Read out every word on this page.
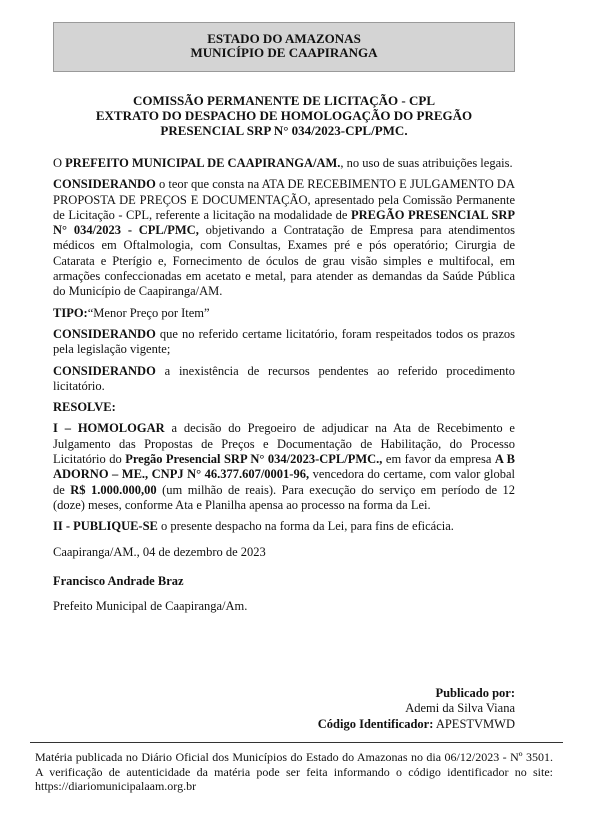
ESTADO DO AMAZONAS
MUNICÍPIO DE CAAPIRANGA
COMISSÃO PERMANENTE DE LICITAÇÃO - CPL
EXTRATO DO DESPACHO DE HOMOLOGAÇÃO DO PREGÃO
PRESENCIAL SRP N° 034/2023-CPL/PMC.

O PREFEITO MUNICIPAL DE CAAPIRANGA/AM., no uso de suas atribuições legais.

CONSIDERANDO o teor que consta na ATA DE RECEBIMENTO E JULGAMENTO DA PROPOSTA DE PREÇOS E DOCUMENTAÇÃO, apresentado pela Comissão Permanente de Licitação - CPL, referente a licitação na modalidade de PREGÃO PRESENCIAL SRP N° 034/2023 - CPL/PMC, objetivando a Contratação de Empresa para atendimentos médicos em Oftalmologia, com Consultas, Exames pré e pós operatório; Cirurgia de Catarata e Pterígio e, Fornecimento de óculos de grau visão simples e multifocal, em armações confeccionadas em acetato e metal, para atender as demandas da Saúde Pública do Município de Caapiranga/AM.

TIPO:“Menor Preço por Item”

CONSIDERANDO que no referido certame licitatório, foram respeitados todos os prazos pela legislação vigente;

CONSIDERANDO a inexistência de recursos pendentes ao referido procedimento licitatório.

RESOLVE:

I – HOMOLOGAR a decisão do Pregoeiro de adjudicar na Ata de Recebimento e Julgamento das Propostas de Preços e Documentação de Habilitação, do Processo Licitatório do Pregão Presencial SRP N° 034/2023-CPL/PMC., em favor da empresa A B ADORNO – ME., CNPJ N° 46.377.607/0001-96, vencedora do certame, com valor global de R$ 1.000.000,00 (um milhão de reais). Para execução do serviço em período de 12 (doze) meses, conforme Ata e Planilha apensa ao processo na forma da Lei.

II - PUBLIQUE-SE o presente despacho na forma da Lei, para fins de eficácia.

Caapiranga/AM., 04 de dezembro de 2023

Francisco Andrade Braz

Prefeito Municipal de Caapiranga/Am.

Publicado por:
Ademi da Silva Viana
Código Identificador: APESTVMWD
Matéria publicada no Diário Oficial dos Municípios do Estado do Amazonas no dia 06/12/2023 - Nº 3501. A verificação de autenticidade da matéria pode ser feita informando o código identificador no site: https://diariomunicipalaam.org.br
